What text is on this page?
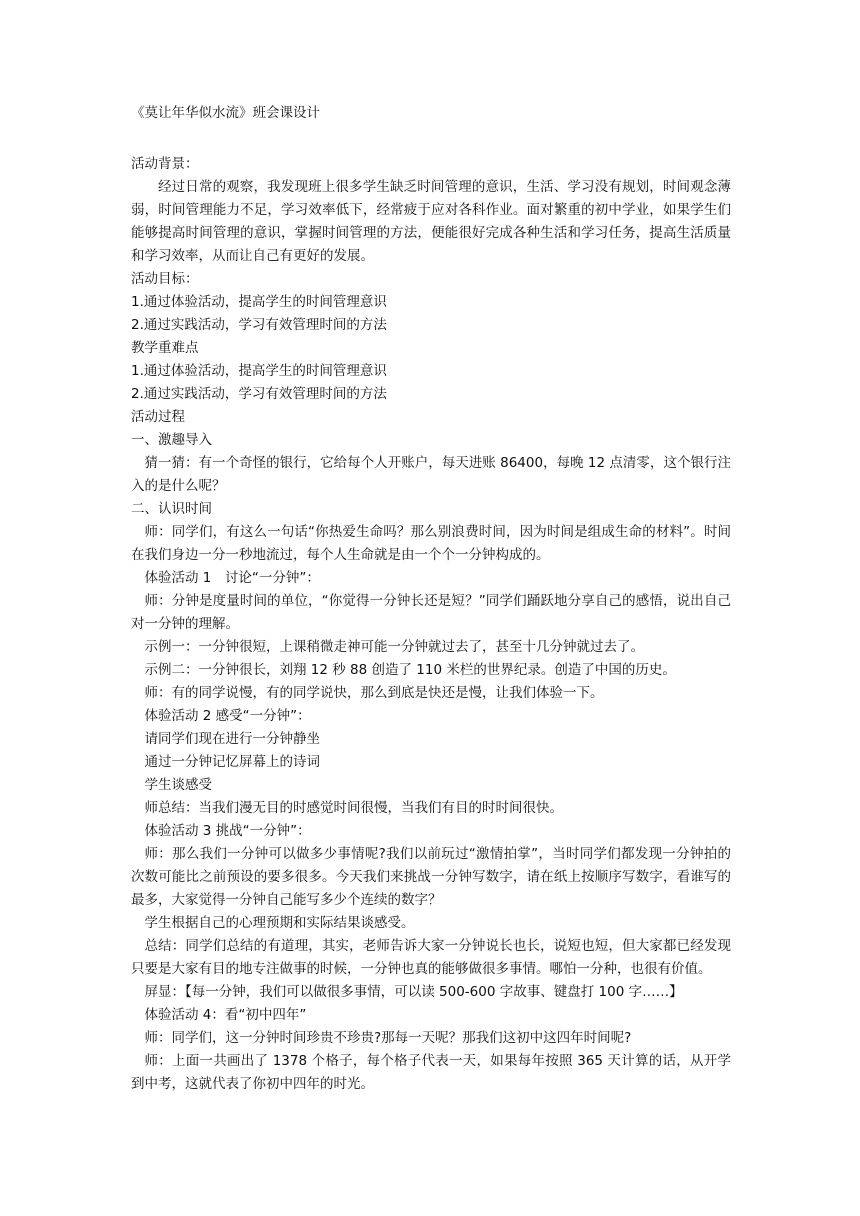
《莫让年华似水流》班会课设计

活动背景：

经过日常的观察，我发现班上很多学生缺乏时间管理的意识，生活、学习没有规划，时间观念薄弱，时间管理能力不足，学习效率低下，经常疲于应对各科作业。面对繁重的初中学业，如果学生们能够提高时间管理的意识，掌握时间管理的方法，便能很好完成各种生活和学习任务，提高生活质量和学习效率，从而让自己有更好的发展。

活动目标：

1.通过体验活动，提高学生的时间管理意识

2.通过实践活动，学习有效管理时间的方法

教学重难点

1.通过体验活动，提高学生的时间管理意识

2.通过实践活动，学习有效管理时间的方法

活动过程

一、激趣导入

猜一猜：有一个奇怪的银行，它给每个人开账户，每天进账 86400，每晚 12 点清零，这个银行注入的是什么呢？

二、认识时间

师：同学们，有这么一句话“你热爱生命吗？那么别浪费时间，因为时间是组成生命的材料”。时间在我们身边一分一秒地流过，每个人生命就是由一个个一分钟构成的。

体验活动 1　讨论“一分钟”：

师：分钟是度量时间的单位，“你觉得一分钟长还是短？”同学们踊跃地分享自己的感悟，说出自己对一分钟的理解。

示例一：一分钟很短，上课稍微走神可能一分钟就过去了，甚至十几分钟就过去了。

示例二：一分钟很长，刘翔 12 秒 88 创造了 110 米栏的世界纪录。创造了中国的历史。

师：有的同学说慢，有的同学说快，那么到底是快还是慢，让我们体验一下。

体验活动 2 感受“一分钟”：

请同学们现在进行一分钟静坐

通过一分钟记忆屏幕上的诗词

学生谈感受

师总结：当我们漫无目的时感觉时间很慢，当我们有目的时时间很快。

体验活动 3 挑战“一分钟”：

师：那么我们一分钟可以做多少事情呢?我们以前玩过“激情拍掌”，当时同学们都发现一分钟拍的次数可能比之前预设的要多很多。今天我们来挑战一分钟写数字，请在纸上按顺序写数字，看谁写的最多，大家觉得一分钟自己能写多少个连续的数字？

学生根据自己的心理预期和实际结果谈感受。

总结：同学们总结的有道理，其实，老师告诉大家一分钟说长也长，说短也短，但大家都已经发现只要是大家有目的地专注做事的时候，一分钟也真的能够做很多事情。哪怕一分种，也很有价值。

屏显：【每一分钟，我们可以做很多事情，可以读 500-600 字故事、键盘打 100 字……】

体验活动 4：看“初中四年”

师：同学们，这一分钟时间珍贵不珍贵?那每一天呢？那我们这初中这四年时间呢?

师：上面一共画出了 1378 个格子，每个格子代表一天，如果每年按照 365 天计算的话，从开学到中考，这就代表了你初中四年的时光。
